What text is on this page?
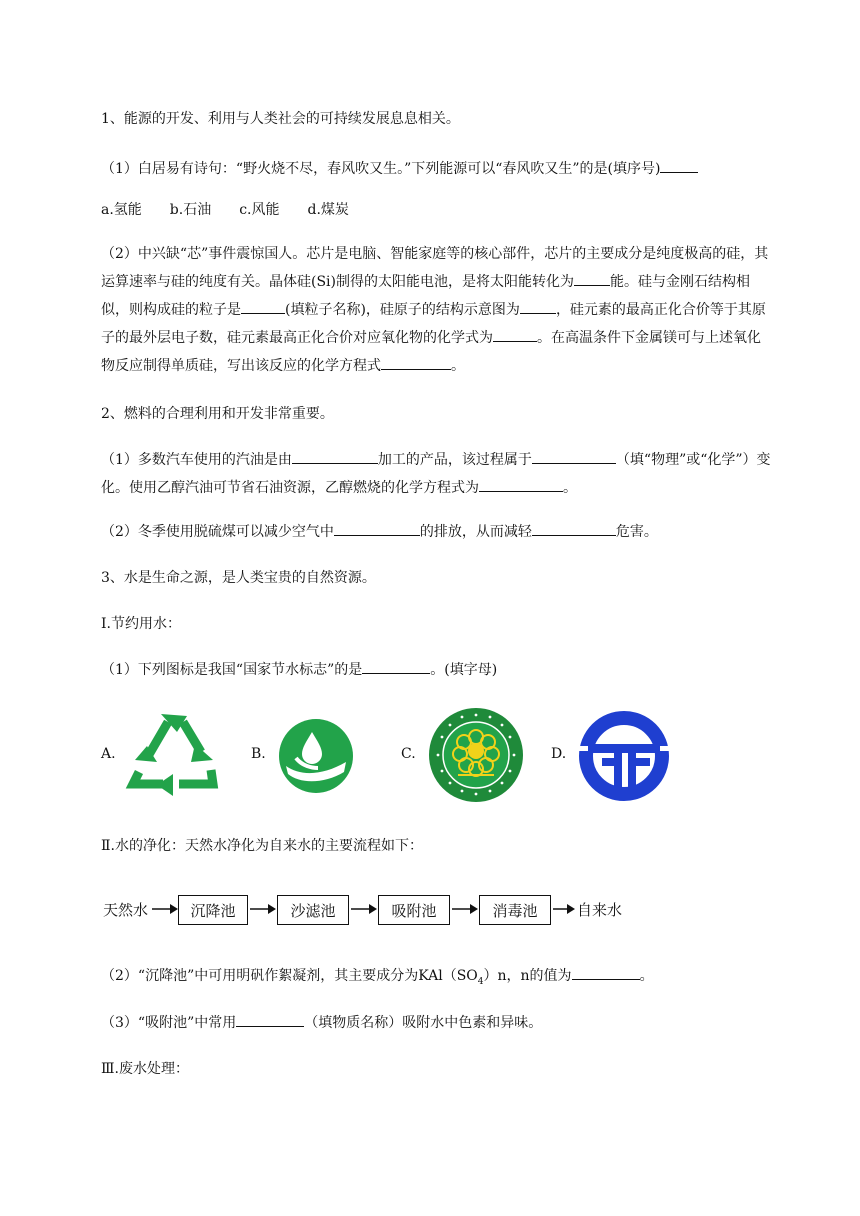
1、能源的开发、利用与人类社会的可持续发展息息相关。

（1）白居易有诗句：“野火烧不尽，春风吹又生。”下列能源可以“春风吹又生”的是(填序号)

a.氢能　　b.石油　　c.风能　　d.煤炭

（2）中兴缺“芯”事件震惊国人。芯片是电脑、智能家庭等的核心部件，芯片的主要成分是纯度极高的硅，其运算速率与硅的纯度有关。晶体硅(Si)制得的太阳能电池，是将太阳能转化为	能。硅与金刚石结构相似，则构成硅的粒子是	(填粒子名称)，硅原子的结构示意图为	，硅元素的最高正化合价等于其原子的最外层电子数，硅元素最高正化合价对应氧化物的化学式为	。在高温条件下金属镁可与上述氧化物反应制得单质硅，写出该反应的化学方程式	。

2、燃料的合理利用和开发非常重要。

（1）多数汽车使用的汽油是由	加工的产品，该过程属于	（填“物理”或“化学”）变化。使用乙醇汽油可节省石油资源，乙醇燃烧的化学方程式为	。

（2）冬季使用脱硫煤可以减少空气中	的排放，从而减轻	危害。

3、水是生命之源，是人类宝贵的自然资源。

Ⅰ.节约用水：

（1）下列图标是我国“国家节水标志”的是	。(填字母)

A.	B.	C.	D.

Ⅱ.水的净化：天然水净化为自来水的主要流程如下：

天然水	沉降池	沙滤池	吸附池	消毒池	自来水

（2）“沉降池”中可用明矾作絮凝剂，其主要成分为$KAl(SO_4)n$，n的值为	。

（3）“吸附池”中常用	（填物质名称）吸附水中色素和异味。

Ⅲ.废水处理：
